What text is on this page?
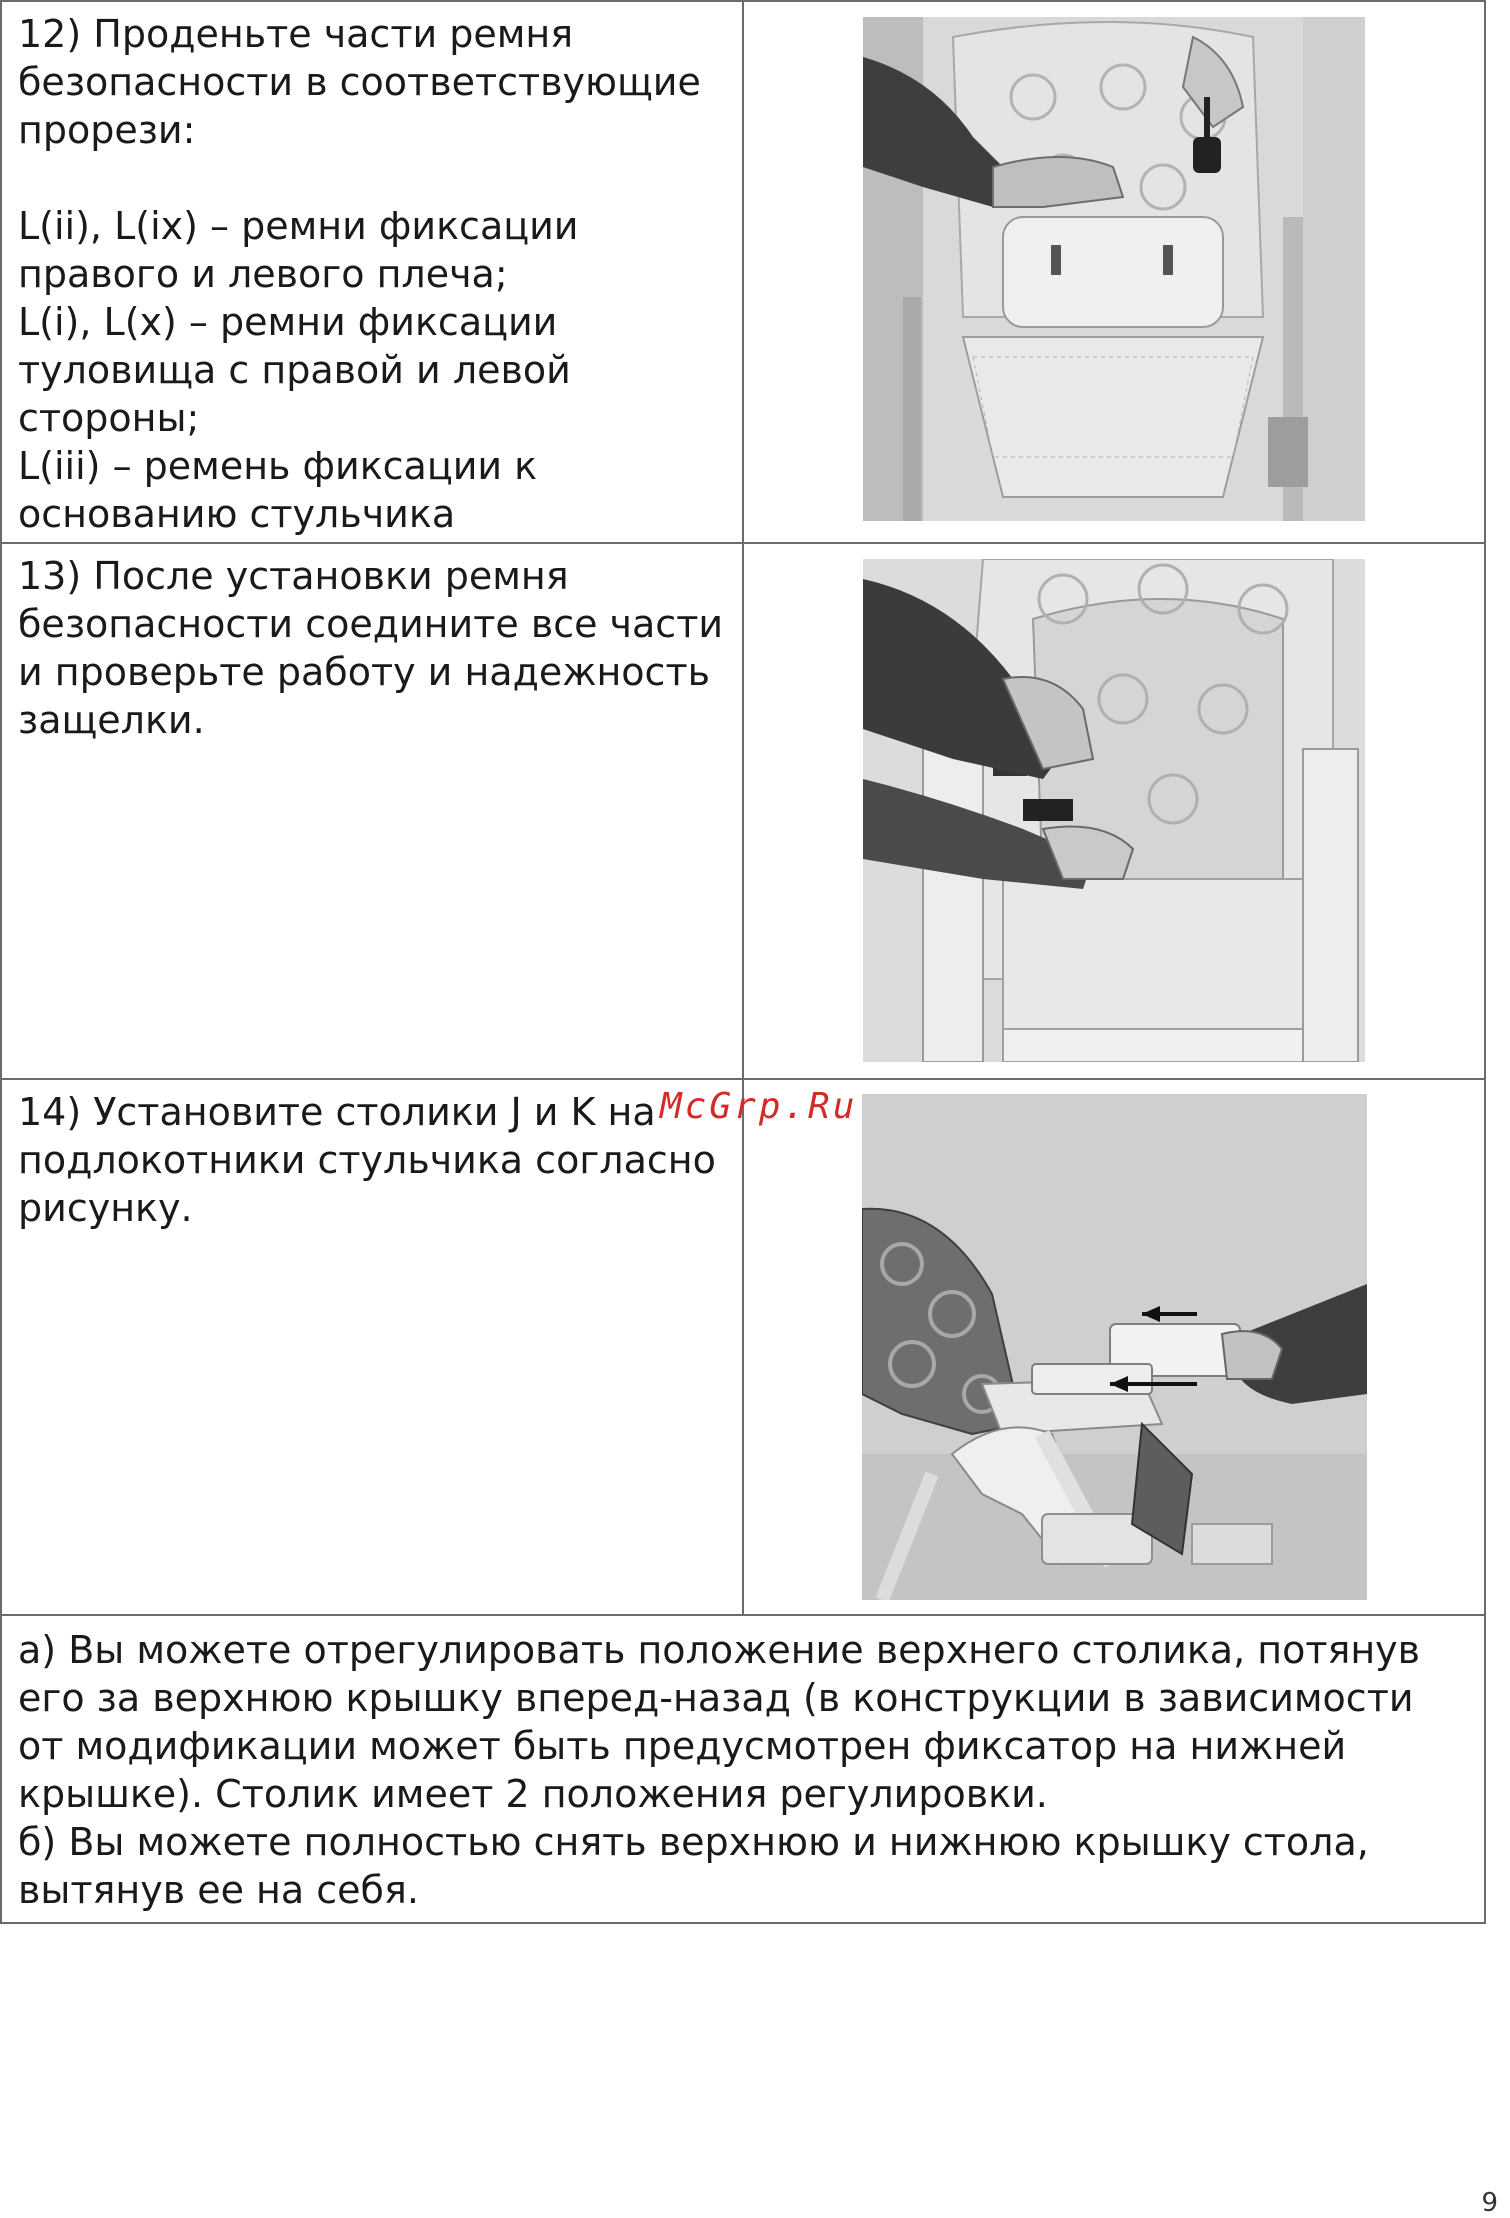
12) Проденьте части ремня безопасности в соответствующие прорези:

L(ii), L(ix) – ремни фиксации правого и левого плеча;

L(i), L(x) – ремни фиксации туловища с правой и левой стороны;

L(iii) – ремень фиксации к основанию стульчика

13) После установки ремня безопасности соедините все части и проверьте работу и надежность защелки.

14) Установите столики J и K на подлокотники стульчика согласно рисунку.

а) Вы можете отрегулировать положение верхнего столика, потянув его за верхнюю крышку вперед-назад (в конструкции в зависимости от модификации может быть предусмотрен фиксатор на нижней крышке). Столик имеет 2 положения регулировки.

б) Вы можете полностью снять верхнюю и нижнюю крышку стола, вытянув ее на себя.	

McGrp.Ru
9
